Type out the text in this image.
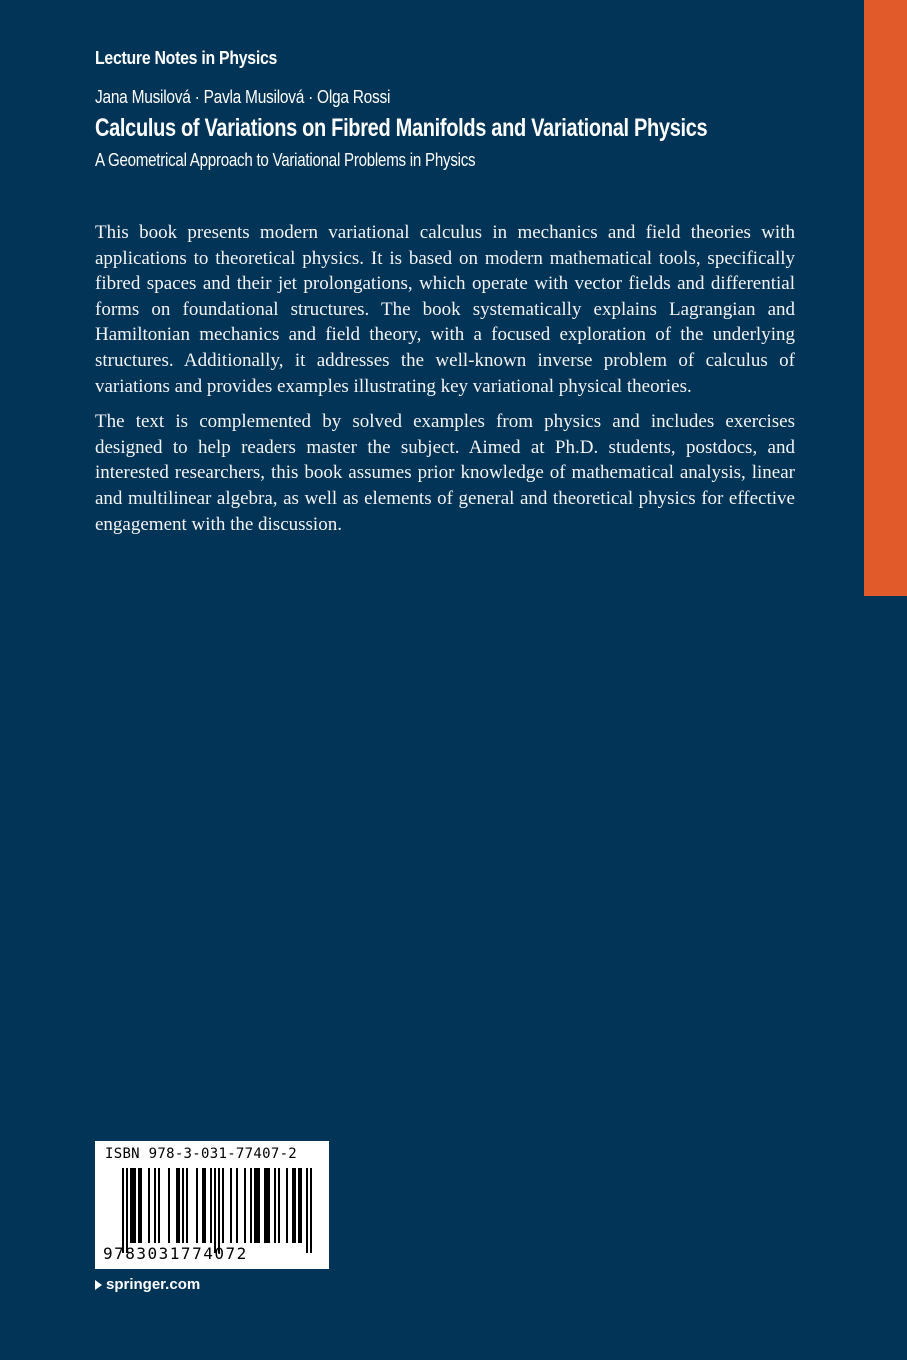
Lecture Notes in Physics
Jana Musilová · Pavla Musilová · Olga Rossi
Calculus of Variations on Fibred Manifolds and Variational Physics
A Geometrical Approach to Variational Problems in Physics

This book presents modern variational calculus in mechanics and field theories with applications to theoretical physics. It is based on modern mathematical tools, specifically fibred spaces and their jet prolongations, which operate with vector fields and differential forms on foundational structures. The book systematically explains Lagrangian and Hamiltonian mechanics and field theory, with a focused exploration of the underlying structures. Additionally, it addresses the well-known inverse problem of calculus of variations and provides examples illustrating key variational physical theories.

The text is complemented by solved examples from physics and includes exercises designed to help readers master the subject. Aimed at Ph.D. students, postdocs, and interested researchers, this book assumes prior knowledge of mathematical analysis, linear and multilinear algebra, as well as elements of general and theoretical physics for effective engagement with the discussion.

ISBN 978-3-031-77407-2
9783031774072
springer.com
